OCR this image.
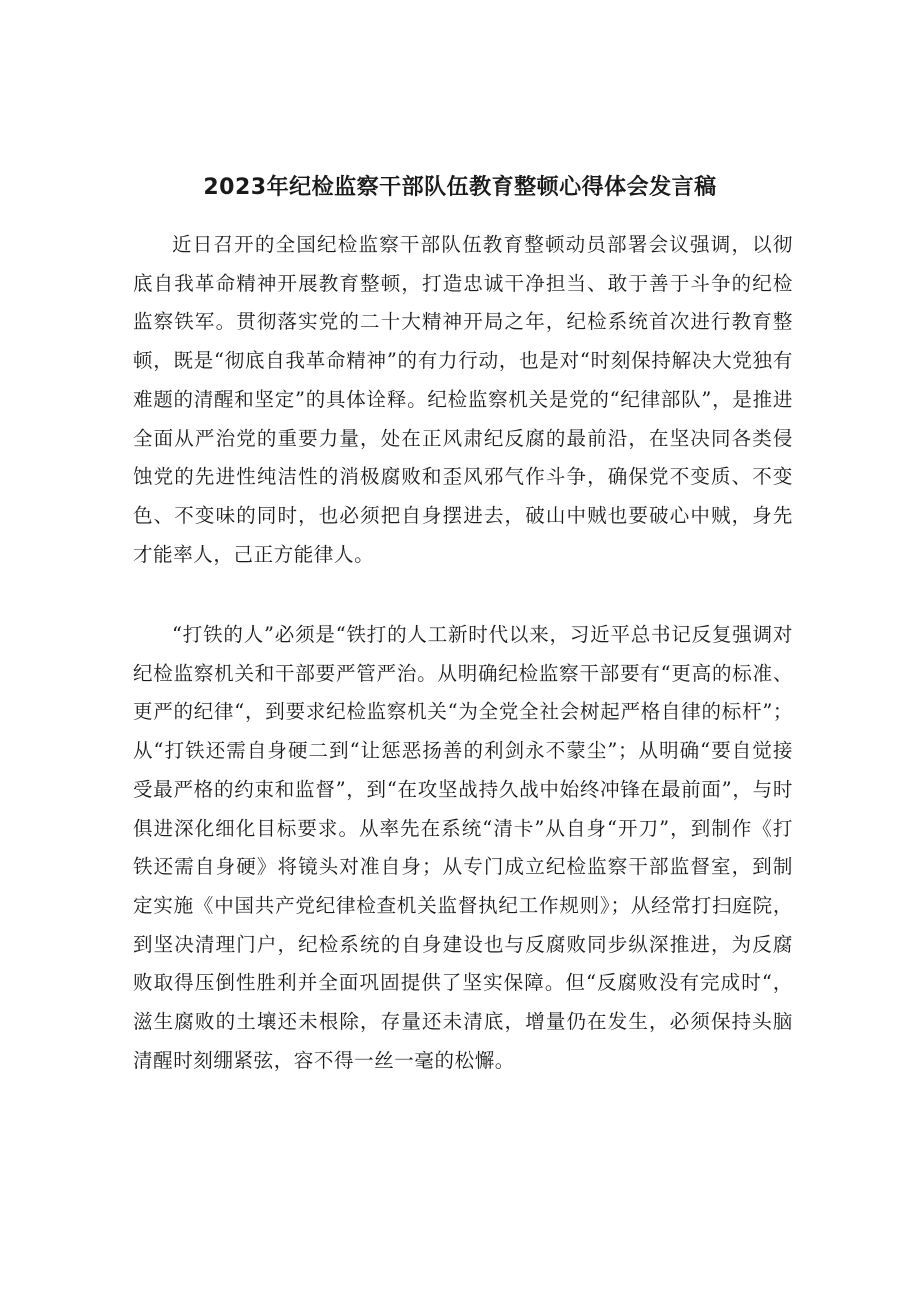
2023年纪检监察干部队伍教育整顿心得体会发言稿

近日召开的全国纪检监察干部队伍教育整顿动员部署会议强调，以彻底自我革命精神开展教育整顿，打造忠诚干净担当、敢于善于斗争的纪检监察铁军。贯彻落实党的二十大精神开局之年，纪检系统首次进行教育整顿，既是“彻底自我革命精神”的有力行动，也是对“时刻保持解决大党独有难题的清醒和坚定”的具体诠释。纪检监察机关是党的“纪律部队”，是推进全面从严治党的重要力量，处在正风肃纪反腐的最前沿，在坚决同各类侵蚀党的先进性纯洁性的消极腐败和歪风邪气作斗争，确保党不变质、不变色、不变味的同时，也必须把自身摆进去，破山中贼也要破心中贼，身先才能率人，己正方能律人。

“打铁的人”必须是“铁打的人工新时代以来，习近平总书记反复强调对纪检监察机关和干部要严管严治。从明确纪检监察干部要有“更高的标准、更严的纪律“，到要求纪检监察机关“为全党全社会树起严格自律的标杆”；从“打铁还需自身硬二到“让惩恶扬善的利剑永不蒙尘”；从明确“要自觉接受最严格的约束和监督”，到“在攻坚战持久战中始终冲锋在最前面”，与时俱进深化细化目标要求。从率先在系统“清卡”从自身“开刀”，到制作《打铁还需自身硬》将镜头对准自身；从专门成立纪检监察干部监督室，到制定实施《中国共产党纪律检查机关监督执纪工作规则》；从经常打扫庭院，到坚决清理门户，纪检系统的自身建设也与反腐败同步纵深推进，为反腐败取得压倒性胜利并全面巩固提供了坚实保障。但“反腐败没有完成时“，滋生腐败的土壤还未根除，存量还未清底，增量仍在发生，必须保持头脑清醒时刻绷紧弦，容不得一丝一毫的松懈。
